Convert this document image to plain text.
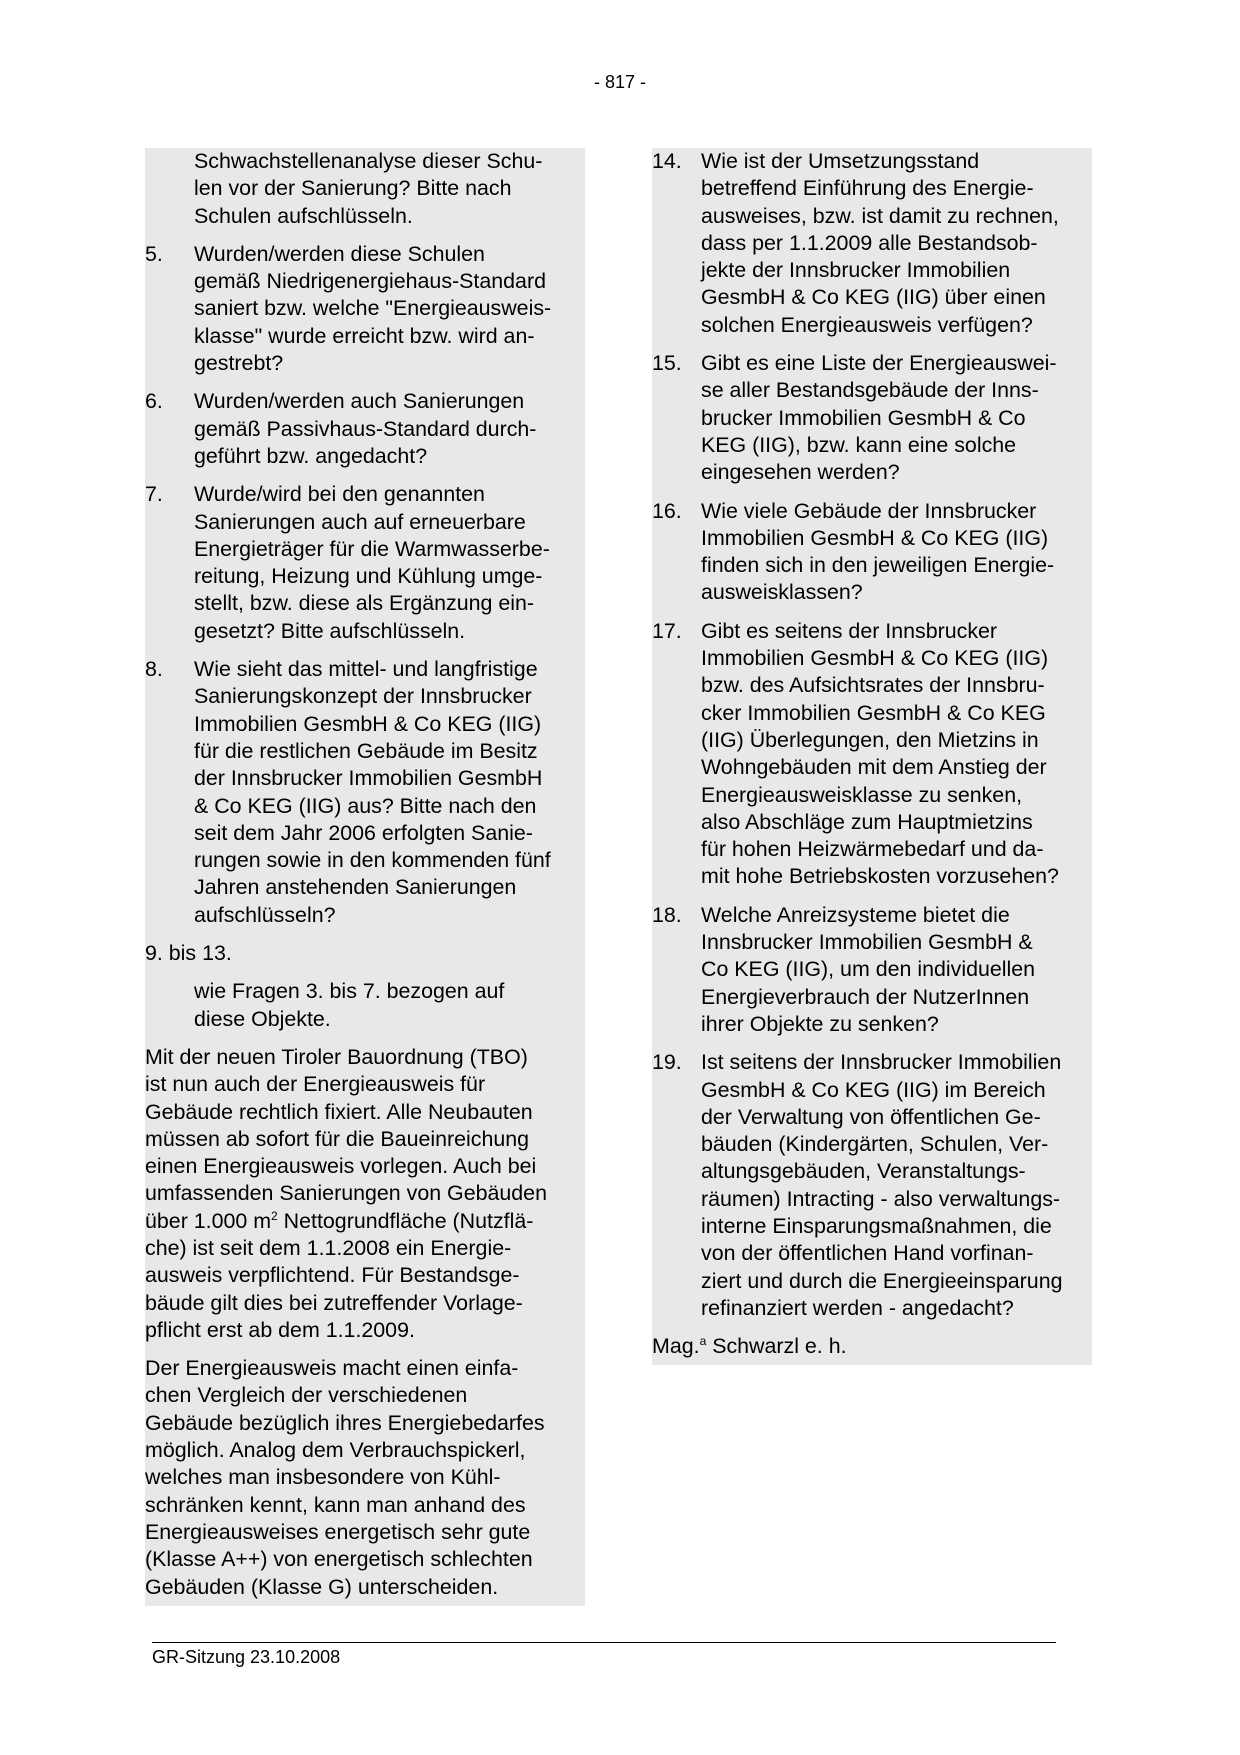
- 817 -
Schwachstellenanalyse dieser Schu-
len vor der Sanierung? Bitte nach
Schulen aufschlüsseln.
5.	Wurden/werden diese Schulen
gemäß Niedrigenergiehaus-Standard
saniert bzw. welche "Energieausweis-
klasse" wurde erreicht bzw. wird an-
gestrebt?
6.	Wurden/werden auch Sanierungen
gemäß Passivhaus-Standard durch-
geführt bzw. angedacht?
7.	Wurde/wird bei den genannten
Sanierungen auch auf erneuerbare
Energieträger für die Warmwasserbe-
reitung, Heizung und Kühlung umge-
stellt, bzw. diese als Ergänzung ein-
gesetzt? Bitte aufschlüsseln.
8.	Wie sieht das mittel- und langfristige
Sanierungskonzept der Innsbrucker
Immobilien GesmbH & Co KEG (IIG)
für die restlichen Gebäude im Besitz
der Innsbrucker Immobilien GesmbH
& Co KEG (IIG) aus? Bitte nach den
seit dem Jahr 2006 erfolgten Sanie-
rungen sowie in den kommenden fünf
Jahren anstehenden Sanierungen
aufschlüsseln?
9. bis 13.
wie Fragen 3. bis 7. bezogen auf
diese Objekte.
Mit der neuen Tiroler Bauordnung (TBO)
ist nun auch der Energieausweis für
Gebäude rechtlich fixiert. Alle Neubauten
müssen ab sofort für die Baueinreichung
einen Energieausweis vorlegen. Auch bei
umfassenden Sanierungen von Gebäuden
über 1.000 $m^2$ Nettogrundfläche (Nutzflä-
che) ist seit dem 1.1.2008 ein Energie-
ausweis verpflichtend. Für Bestandsge-
bäude gilt dies bei zutreffender Vorlage-
pflicht erst ab dem 1.1.2009.
Der Energieausweis macht einen einfa-
chen Vergleich der verschiedenen
Gebäude bezüglich ihres Energiebedarfes
möglich. Analog dem Verbrauchspickerl,
welches man insbesondere von Kühl-
schränken kennt, kann man anhand des
Energieausweises energetisch sehr gute
(Klasse A++) von energetisch schlechten
Gebäuden (Klasse G) unterscheiden.
14. Wie ist der Umsetzungsstand
betreffend Einführung des Energie-
ausweises, bzw. ist damit zu rechnen,
dass per 1.1.2009 alle Bestandsob-
jekte der Innsbrucker Immobilien
GesmbH & Co KEG (IIG) über einen
solchen Energieausweis verfügen?
15. Gibt es eine Liste der Energieauswei-
se aller Bestandsgebäude der Inns-
brucker Immobilien GesmbH & Co
KEG (IIG), bzw. kann eine solche
eingesehen werden?
16. Wie viele Gebäude der Innsbrucker
Immobilien GesmbH & Co KEG (IIG)
finden sich in den jeweiligen Energie-
ausweisklassen?
17. Gibt es seitens der Innsbrucker
Immobilien GesmbH & Co KEG (IIG)
bzw. des Aufsichtsrates der Innsbru-
cker Immobilien GesmbH & Co KEG
(IIG) Überlegungen, den Mietzins in
Wohngebäuden mit dem Anstieg der
Energieausweisklasse zu senken,
also Abschläge zum Hauptmietzins
für hohen Heizwärmebedarf und da-
mit hohe Betriebskosten vorzusehen?
18. Welche Anreizsysteme bietet die
Innsbrucker Immobilien GesmbH &
Co KEG (IIG), um den individuellen
Energieverbrauch der NutzerInnen
ihrer Objekte zu senken?
19. Ist seitens der Innsbrucker Immobilien
GesmbH & Co KEG (IIG) im Bereich
der Verwaltung von öffentlichen Ge-
bäuden (Kindergärten, Schulen, Ver-
altungsgebäuden, Veranstaltungs-
räumen) Intracting - also verwaltungs-
interne Einsparungsmaßnahmen, die
von der öffentlichen Hand vorfinan-
ziert und durch die Energieeinsparung
refinanziert werden - angedacht?
Mag.$^a$ Schwarzl e. h.
GR-Sitzung 23.10.2008
